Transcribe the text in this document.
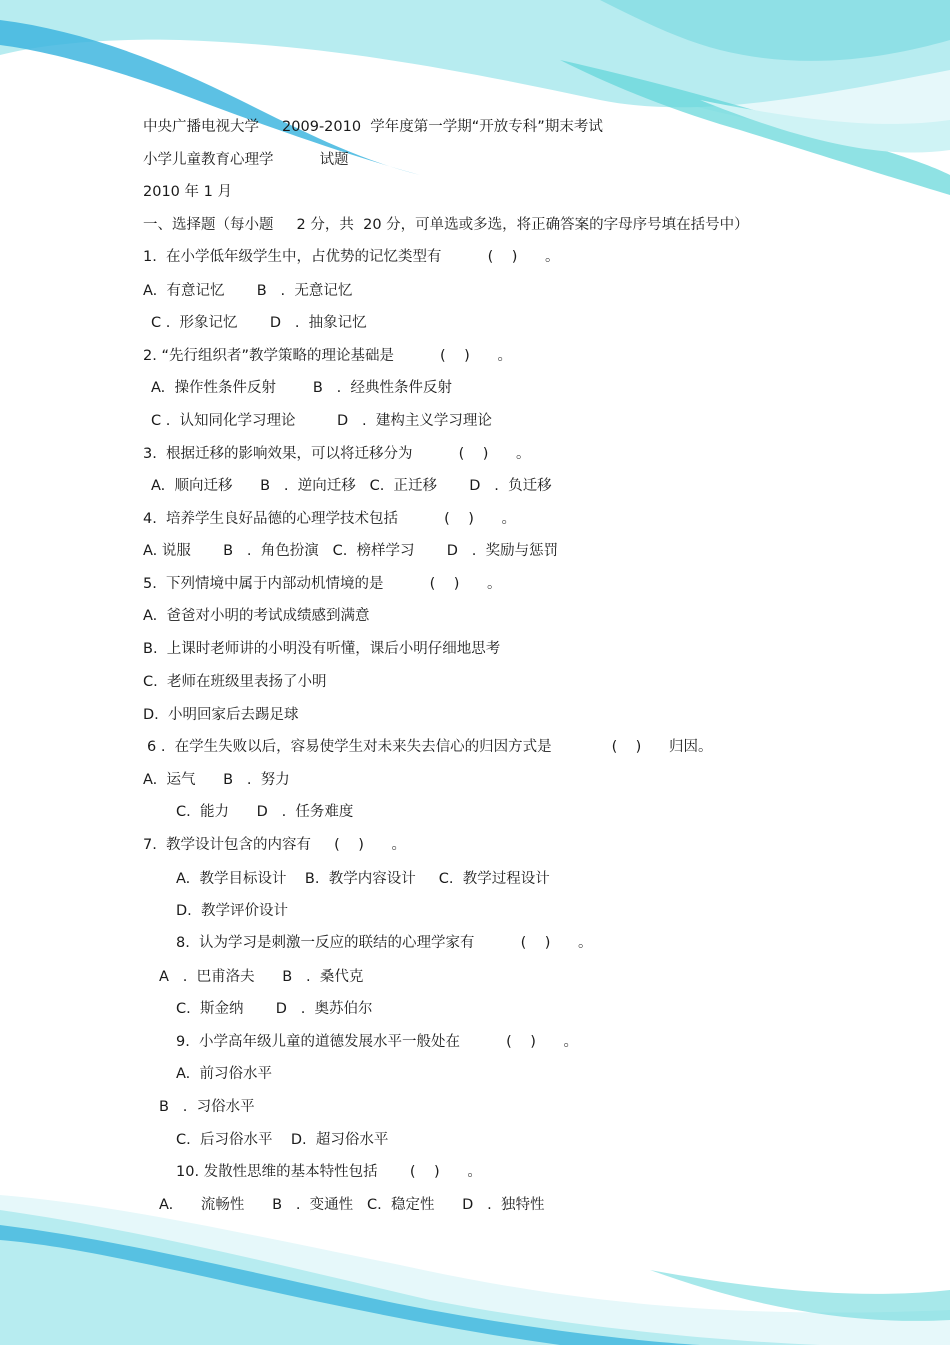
中央广播电视大学     2009-2010  学年度第一学期“开放专科”期末考试
小学儿童教育心理学          试题
2010 年 1 月
一、选择题（每小题     2 分，共  20 分，可单选或多选，将正确答案的字母序号填在括号中）
1.  在小学低年级学生中，占优势的记忆类型有          (    )      。
A.  有意记忆       B   .  无意记忆
C .  形象记忆       D   .  抽象记忆
2. “先行组织者”教学策略的理论基础是          (    )      。
A.  操作性条件反射        B   .  经典性条件反射
C .  认知同化学习理论         D   .  建构主义学习理论
3.  根据迁移的影响效果，可以将迁移分为          (    )      。
A.  顺向迁移      B   .  逆向迁移   C.  正迁移       D   .  负迁移
4.  培养学生良好品德的心理学技术包括          (    )      。
A. 说服       B   .  角色扮演   C.  榜样学习       D   .  奖励与惩罚
5.  下列情境中属于内部动机情境的是          (    )      。
A.  爸爸对小明的考试成绩感到满意
B.  上课时老师讲的小明没有听懂，课后小明仔细地思考
C.  老师在班级里表扬了小明
D.  小明回家后去踢足球
6 .  在学生失败以后，容易使学生对未来失去信心的归因方式是             (    )      归因。
A.  运气      B   .  努力
C.  能力      D   .  任务难度
7.  教学设计包含的内容有     (    )      。
A.  教学目标设计    B.  教学内容设计     C.  教学过程设计
D.  教学评价设计
8.  认为学习是刺激一反应的联结的心理学家有          (    )      。
A   .  巴甫洛夫      B   .  桑代克
C.  斯金纳       D   .  奥苏伯尔
9.  小学高年级儿童的道德发展水平一般处在          (    )      。
A.  前习俗水平
B   .  习俗水平
C.  后习俗水平    D.  超习俗水平
10. 发散性思维的基本特性包括       (    )      。
A.      流畅性      B   .  变通性   C.  稳定性      D   .  独特性
